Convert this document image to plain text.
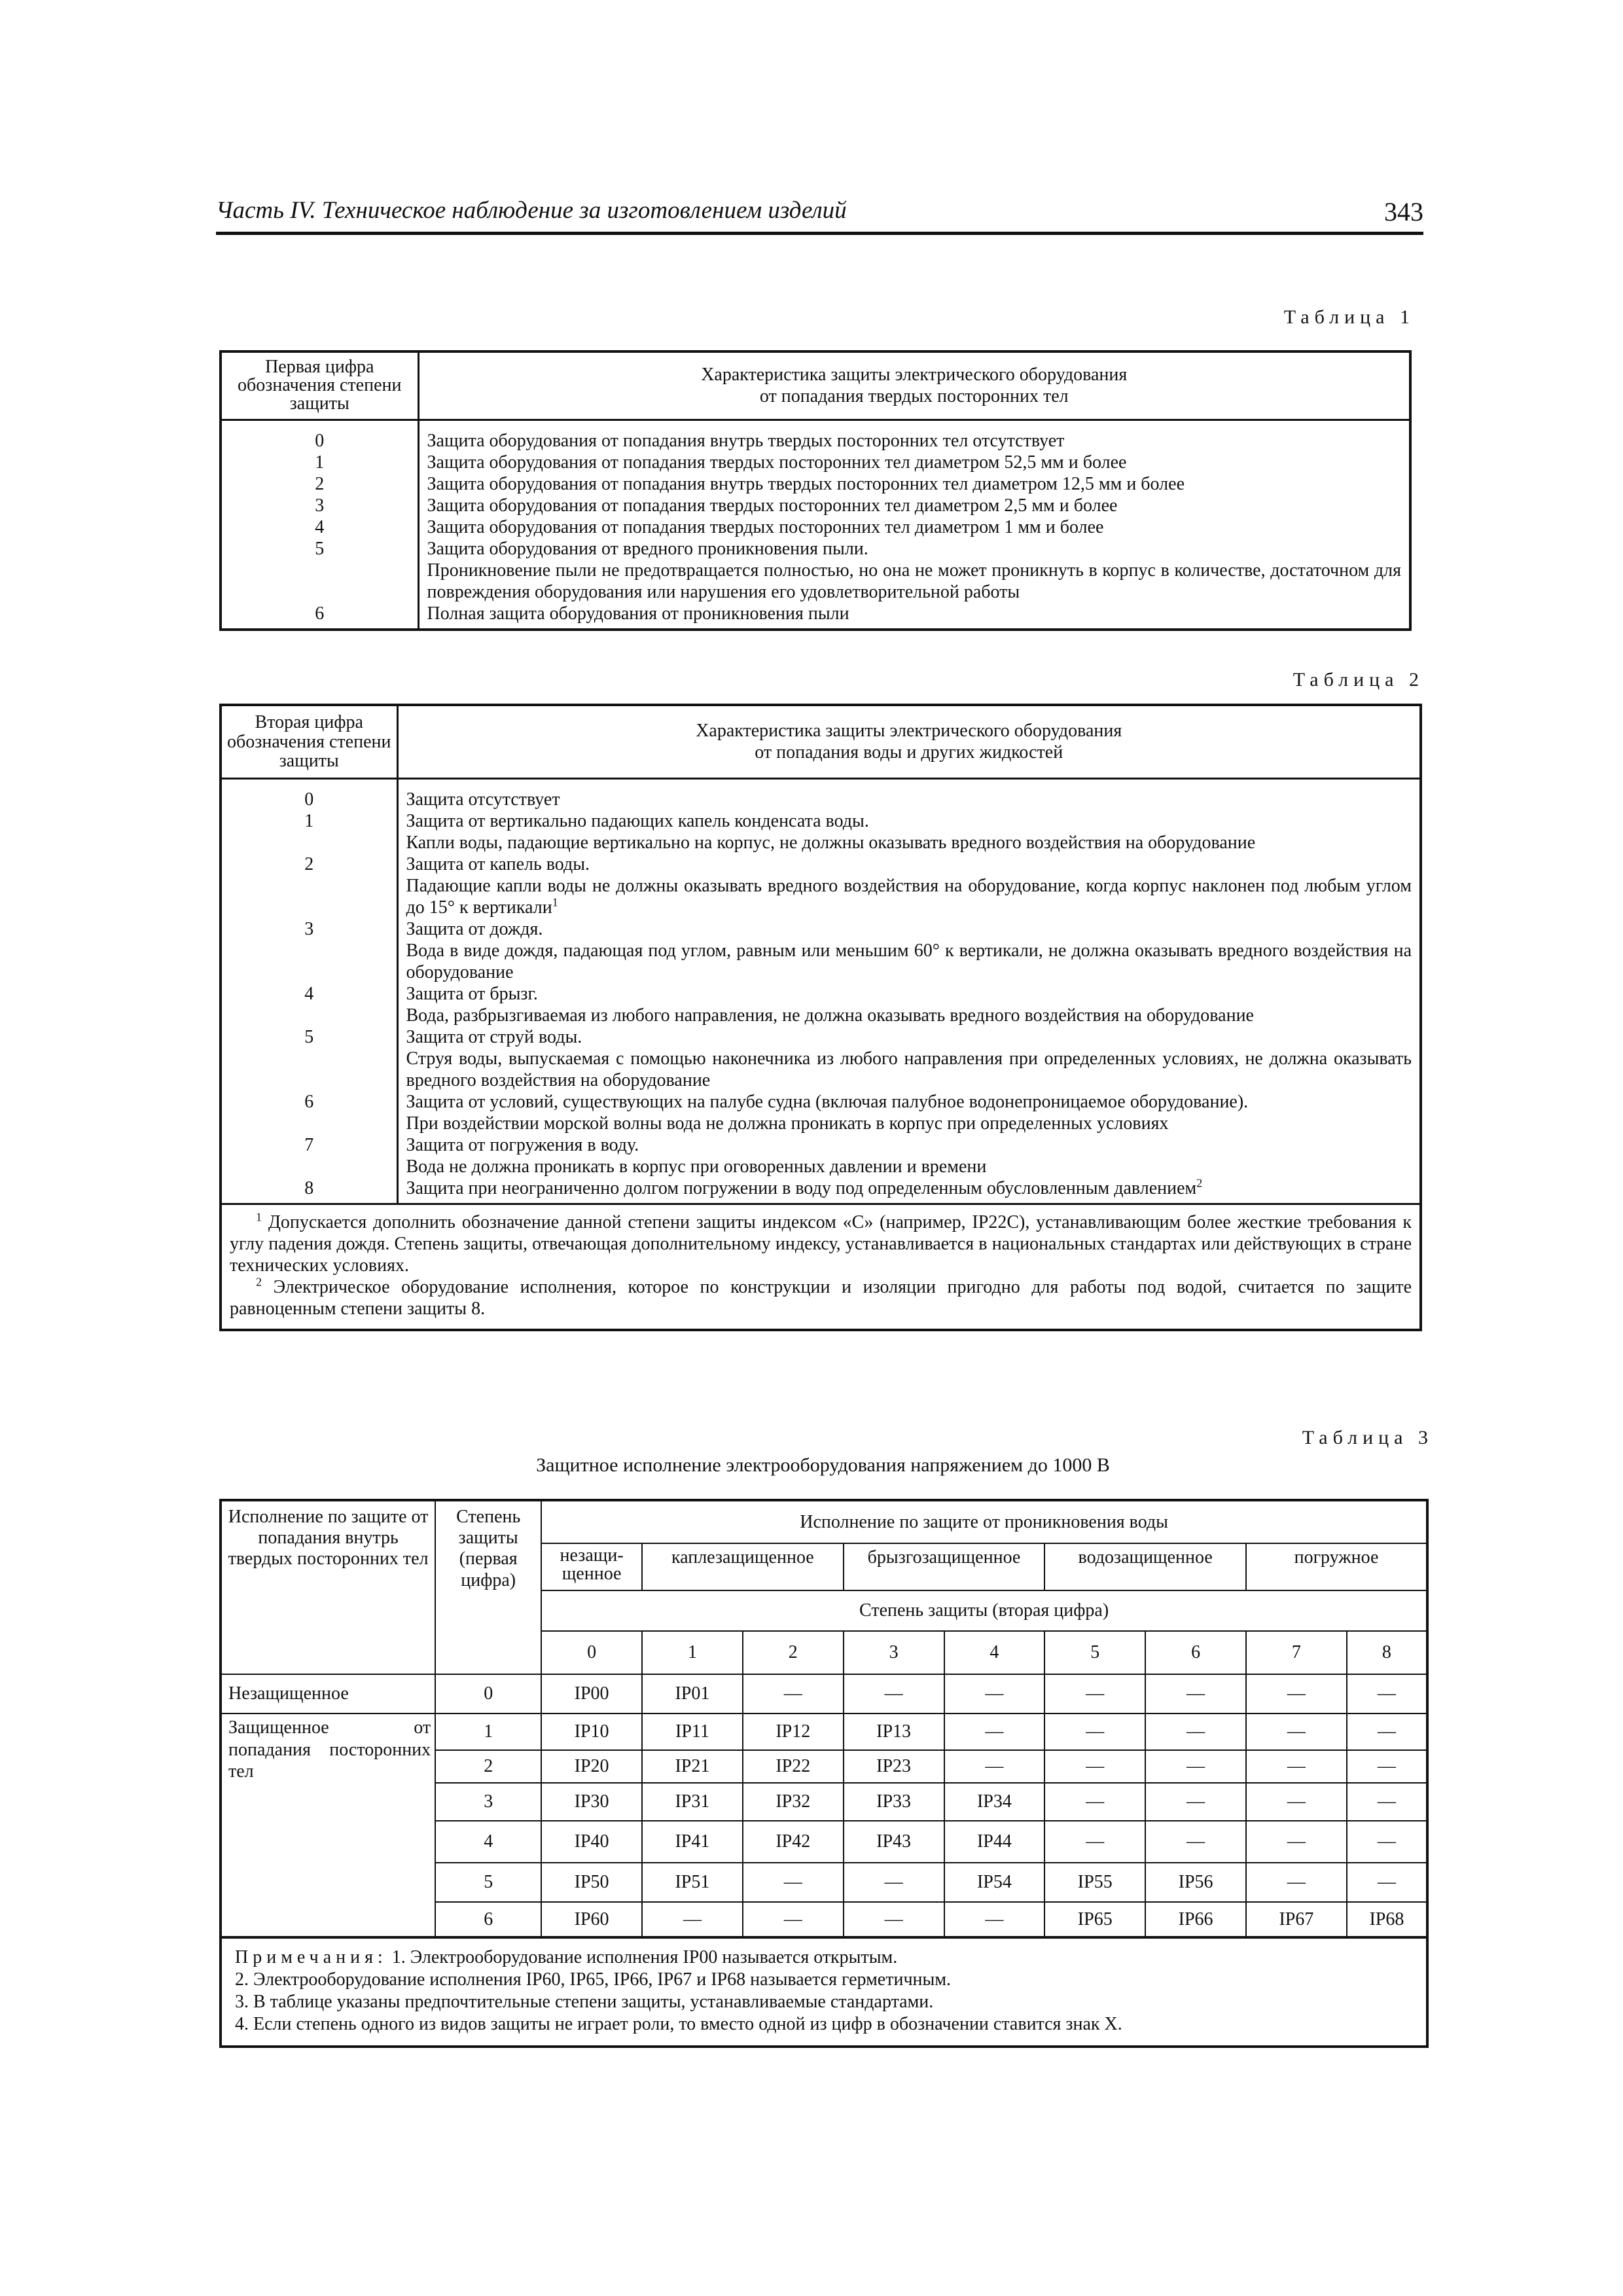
Часть IV. Техническое наблюдение за изготовлением изделий	343
Таблица 1
Первая цифра обозначения степени защиты	Характеристика защиты электрического оборудования
от попадания твердых посторонних тел

0	Защита оборудования от попадания внутрь твердых посторонних тел отсутствует
1	Защита оборудования от попадания твердых посторонних тел диаметром 52,5 мм и более
2	Защита оборудования от попадания внутрь твердых посторонних тел диаметром 12,5 мм и более
3	Защита оборудования от попадания твердых посторонних тел диаметром 2,5 мм и более
4	Защита оборудования от попадания твердых посторонних тел диаметром 1 мм и более
5	Защита оборудования от вредного проникновения пыли.
	Проникновение пыли не предотвращается полностью, но она не может проникнуть в корпус в количестве, достаточном для повреждения оборудования или нарушения его удовлетворительной работы
6	Полная защита оборудования от проникновения пыли
Таблица 2
Вторая цифра обозначения степени защиты	Характеристика защиты электрического оборудования
от попадания воды и других жидкостей

0	Защита отсутствует
1	Защита от вертикально падающих капель конденсата воды.
	Капли воды, падающие вертикально на корпус, не должны оказывать вредного воздействия на оборудование
2	Защита от капель воды.
	Падающие капли воды не должны оказывать вредного воздействия на оборудование, когда корпус наклонен под любым углом до 15° к вертикали$^1$
3	Защита от дождя.
	Вода в виде дождя, падающая под углом, равным или меньшим 60° к вертикали, не должна оказывать вредного воздействия на оборудование
4	Защита от брызг.
	Вода, разбрызгиваемая из любого направления, не должна оказывать вредного воздействия на оборудование
5	Защита от струй воды.
	Струя воды, выпускаемая с помощью наконечника из любого направления при определенных условиях, не должна оказывать вредного воздействия на оборудование
6	Защита от условий, существующих на палубе судна (включая палубное водонепроницаемое оборудование).
	При воздействии морской волны вода не должна проникать в корпус при определенных условиях
7	Защита от погружения в воду.
	Вода не должна проникать в корпус при оговоренных давлении и времени
8	Защита при неограниченно долгом погружении в воду под определенным обусловленным давлением$^2$

$^1$ Допускается дополнить обозначение данной степени защиты индексом «С» (например, IP22C), устанавливающим более жесткие требования к углу падения дождя. Степень защиты, отвечающая дополнительному индексу, устанавливается в национальных стандартах или действующих в стране технических условиях.
$^2$ Электрическое оборудование исполнения, которое по конструкции и изоляции пригодно для работы под водой, считается по защите равноценным степени защиты 8.	
Таблица 3
Защитное исполнение электрооборудования напряжением до 1000 В
Исполнение по защите от попадания внутрь твердых посторонних тел	Степень защиты (первая цифра)	Исполнение по защите от проникновения воды								
		незащи- щенное	каплезащищенное		брызгозащищенное		водозащищенное		погружное	
		Степень защиты (вторая цифра)								
		0	1	2	3	4	5	6	7	8
Незащищенное	0	IP00	IP01	—	—	—	—	—	—	—
Защищенное от попадания посторонних тел	1	IP10	IP11	IP12	IP13	—	—	—	—	—
	2	IP20	IP21	IP22	IP23	—	—	—	—	—
	3	IP30	IP31	IP32	IP33	IP34	—	—	—	—
	4	IP40	IP41	IP42	IP43	IP44	—	—	—	—
	5	IP50	IP51	—	—	IP54	IP55	IP56	—	—
	6	IP60	—	—	—	—	IP65	IP66	IP67	IP68

Примечания: 1. Электрооборудование исполнения IP00 называется открытым.
2. Электрооборудование исполнения IP60, IP65, IP66, IP67 и IP68 называется герметичным.
3. В таблице указаны предпочтительные степени защиты, устанавливаемые стандартами.
4. Если степень одного из видов защиты не играет роли, то вместо одной из цифр в обозначении ставится знак Х.										
